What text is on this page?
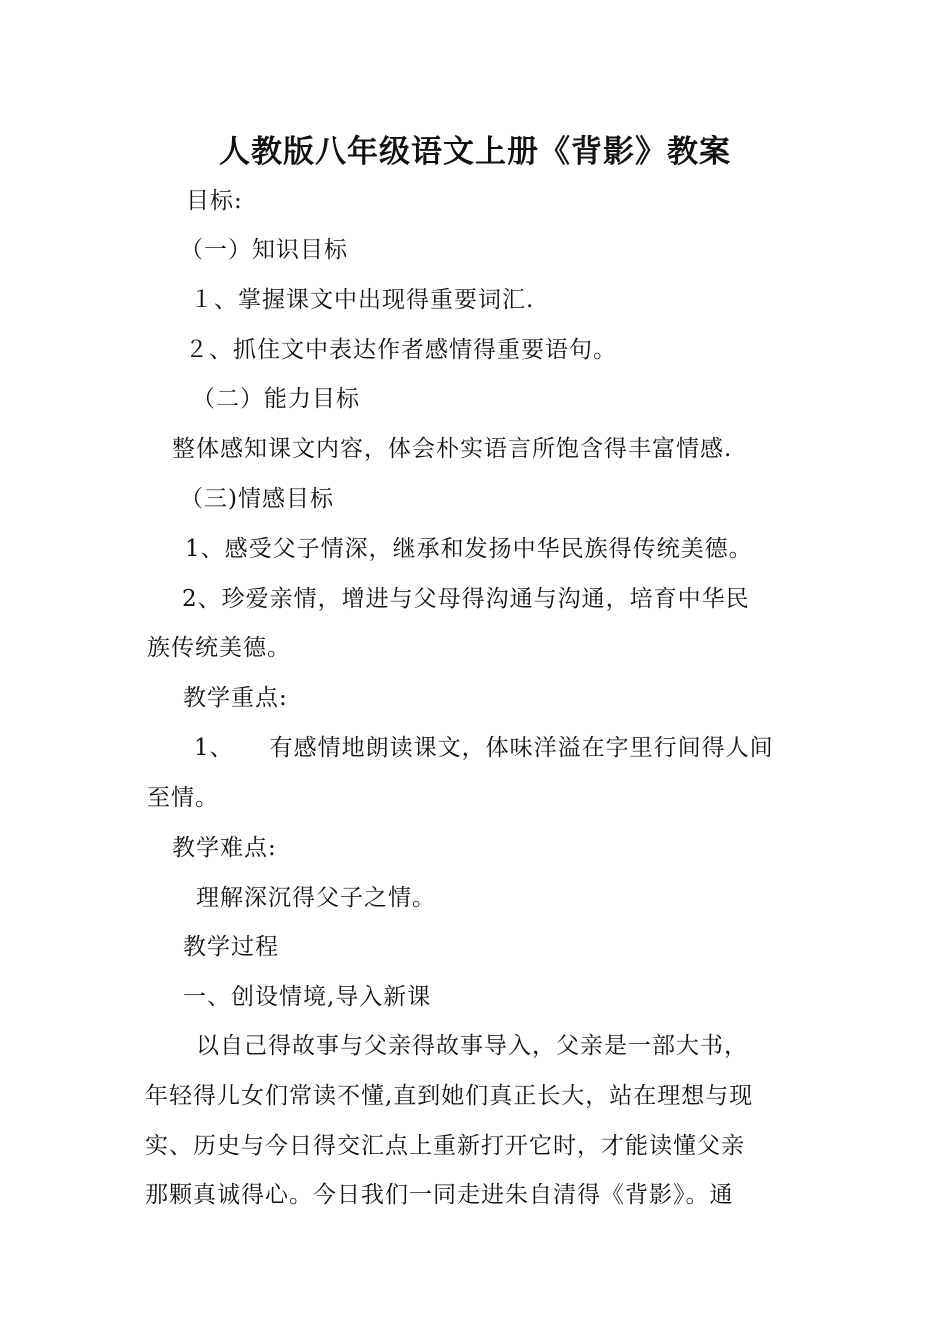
人教版八年级语文上册《背影》教案
目标:
（一）知识目标
１、掌握课文中出现得重要词汇.
２、抓住文中表达作者感情得重要语句。
（二）能力目标
整体感知课文内容，体会朴实语言所饱含得丰富情感.
（三)情感目标
1、感受父子情深，继承和发扬中华民族得传统美德。
2、珍爱亲情，增进与父母得沟通与沟通，培育中华民
族传统美德。
教学重点:
1、 有感情地朗读课文，体味洋溢在字里行间得人间
至情。
教学难点:
理解深沉得父子之情。
教学过程
一、创设情境,导入新课
以自己得故事与父亲得故事导入，父亲是一部大书，
年轻得儿女们常读不懂,直到她们真正长大，站在理想与现
实、历史与今日得交汇点上重新打开它时，才能读懂父亲
那颗真诚得心。今日我们一同走进朱自清得《背影》。通
